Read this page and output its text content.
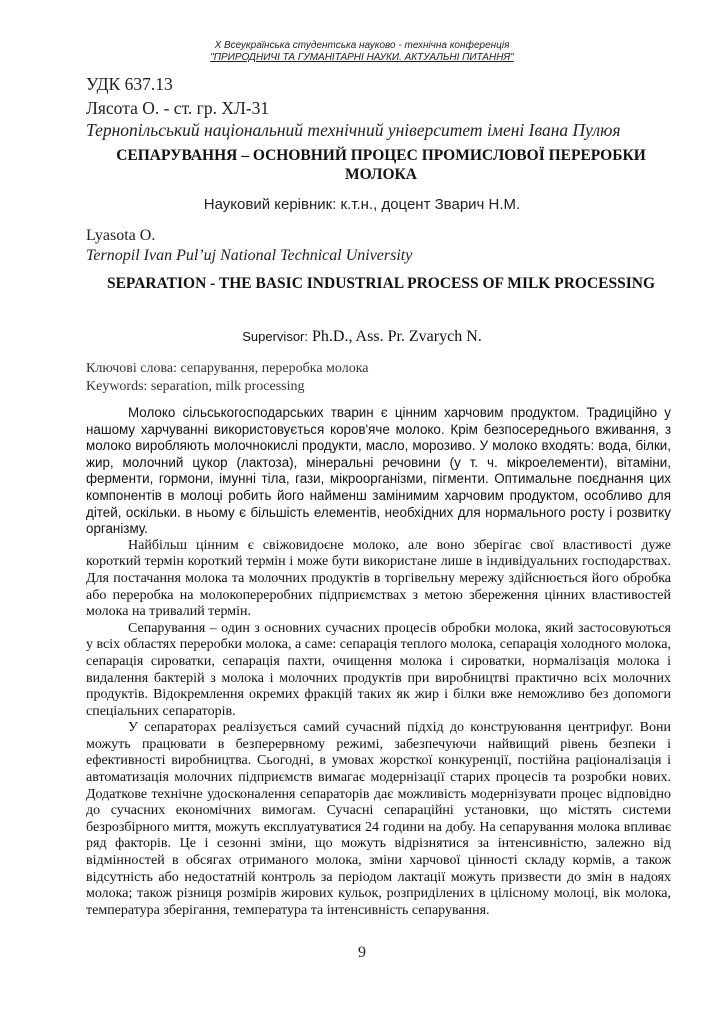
X Всеукраїнська студентська науково - технічна конференція
"ПРИРОДНИЧІ ТА ГУМАНІТАРНІ НАУКИ. АКТУАЛЬНІ ПИТАННЯ"
УДК 637.13
Лясота О. - ст. гр. ХЛ-31
Тернопільський національний технічний університет імені Івана Пулюя
СЕПАРУВАННЯ – ОСНОВНИЙ ПРОЦЕС ПРОМИСЛОВОЇ ПЕРЕРОБКИ МОЛОКА
Науковий керівник: к.т.н., доцент Зварич Н.М.
Lyasota O.
Ternopil Ivan Pul’uj National Technical University
SEPARATION - THE BASIC INDUSTRIAL PROCESS OF MILK PROCESSING
Supervisor: Ph.D., Ass. Pr. Zvarych N.
Ключові слова: сепарування, переробка молока
Keywords: separation, milk processing

Молоко сільськогосподарських тварин є цінним харчовим продуктом. Традиційно у нашому харчуванні використовується коров'яче молоко. Крім безпосереднього вживання, з молоко виробляють молочнокислі продукти, масло, морозиво. У молоко входять: вода, білки, жир, молочний цукор (лактоза), мінеральні речовини (у т. ч. мікроелементи), вітаміни, ферменти, гормони, імунні тіла, гази, мікроорганізми, пігменти. Оптимальне поєднання цих компонентів в молоці робить його найменш замінимим харчовим продуктом, особливо для дітей, оскільки. в ньому є більшість елементів, необхідних для нормального росту і розвитку організму.

Найбільш цінним є свіжовидоєне молоко, але воно зберігає свої властивості дуже короткий термін короткий термін і може бути використане лише в індивідуальних господарствах. Для постачання молока та молочних продуктів в торгівельну мережу здійснюється його обробка або переробка на молокопереробних підприємствах з метою збереження цінних властивостей молока на тривалий термін.

Сепарування – один з основних сучасних процесів обробки молока, який застосовуються у всіх областях переробки молока, а саме: сепарація теплого молока, сепарація холодного молока, сепарація сироватки, сепарація пахти, очищення молока і сироватки, нормалізація молока і видалення бактерій з молока і молочних продуктів при виробництві практично всіх молочних продуктів. Відокремлення окремих фракцій таких як жир і білки вже неможливо без допомоги спеціальних сепараторів.

У сепараторах реалізується самий сучасний підхід до конструювання центрифуг. Вони можуть працювати в безперервному режимі, забезпечуючи найвищий рівень безпеки і ефективності виробництва. Сьогодні, в умовах жорсткої конкуренції, постійна раціоналізація і автоматизація молочних підприємств вимагає модернізації старих процесів та розробки нових. Додаткове технічне удосконалення сепараторів дає можливість модернізувати процес відповідно до сучасних економічних вимогам. Сучасні сепараційні установки, що містять системи безрозбірного миття, можуть експлуатуватися 24 години на добу. На сепарування молока впливає ряд факторів. Це і сезонні зміни, що можуть відрізнятися за інтенсивністю, залежно від відмінностей в обсягах отриманого молока, зміни харчової цінності складу кормів, а також відсутність або недостатній контроль за періодом лактації можуть призвести до змін в надоях молока; також різниця розмірів жирових кульок, розприділених в цілісному молоці, вік молока, температура зберігання, температура та інтенсивність сепарування.

9
